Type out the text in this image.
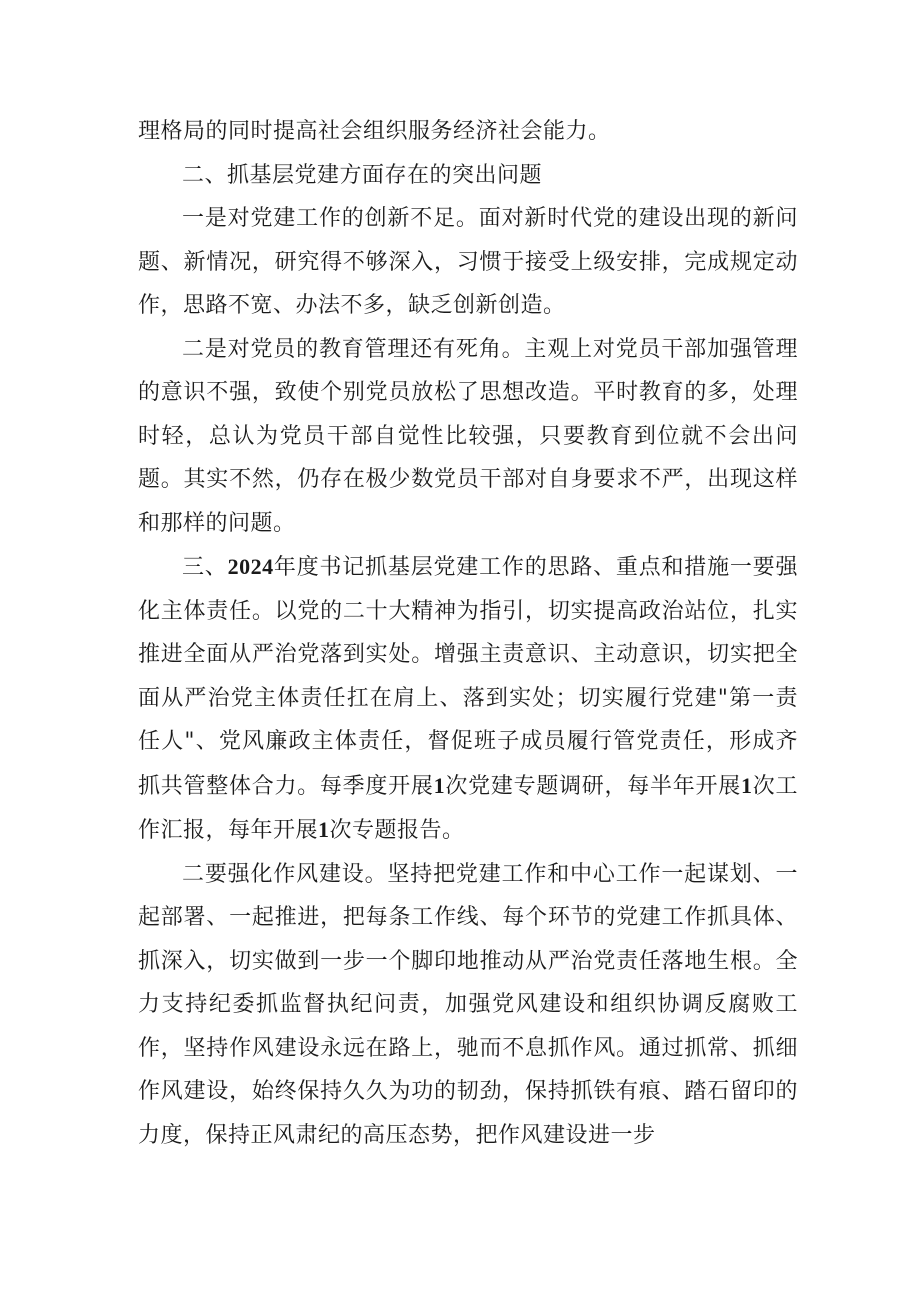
理格局的同时提高社会组织服务经济社会能力。

二、抓基层党建方面存在的突出问题

一是对党建工作的创新不足。面对新时代党的建设出现的新问题、新情况，研究得不够深入，习惯于接受上级安排，完成规定动作，思路不宽、办法不多，缺乏创新创造。

二是对党员的教育管理还有死角。主观上对党员干部加强管理的意识不强，致使个别党员放松了思想改造。平时教育的多，处理时轻，总认为党员干部自觉性比较强，只要教育到位就不会出问题。其实不然，仍存在极少数党员干部对自身要求不严，出现这样和那样的问题。

三、2024年度书记抓基层党建工作的思路、重点和措施一要强化主体责任。以党的二十大精神为指引，切实提高政治站位，扎实推进全面从严治党落到实处。增强主责意识、主动意识，切实把全面从严治党主体责任扛在肩上、落到实处；切实履行党建"第一责任人"、党风廉政主体责任，督促班子成员履行管党责任，形成齐抓共管整体合力。每季度开展1次党建专题调研，每半年开展1次工作汇报，每年开展1次专题报告。

二要强化作风建设。坚持把党建工作和中心工作一起谋划、一起部署、一起推进，把每条工作线、每个环节的党建工作抓具体、抓深入，切实做到一步一个脚印地推动从严治党责任落地生根。全力支持纪委抓监督执纪问责，加强党风建设和组织协调反腐败工作，坚持作风建设永远在路上，驰而不息抓作风。通过抓常、抓细作风建设，始终保持久久为功的韧劲，保持抓铁有痕、踏石留印的力度，保持正风肃纪的高压态势，把作风建设进一步
